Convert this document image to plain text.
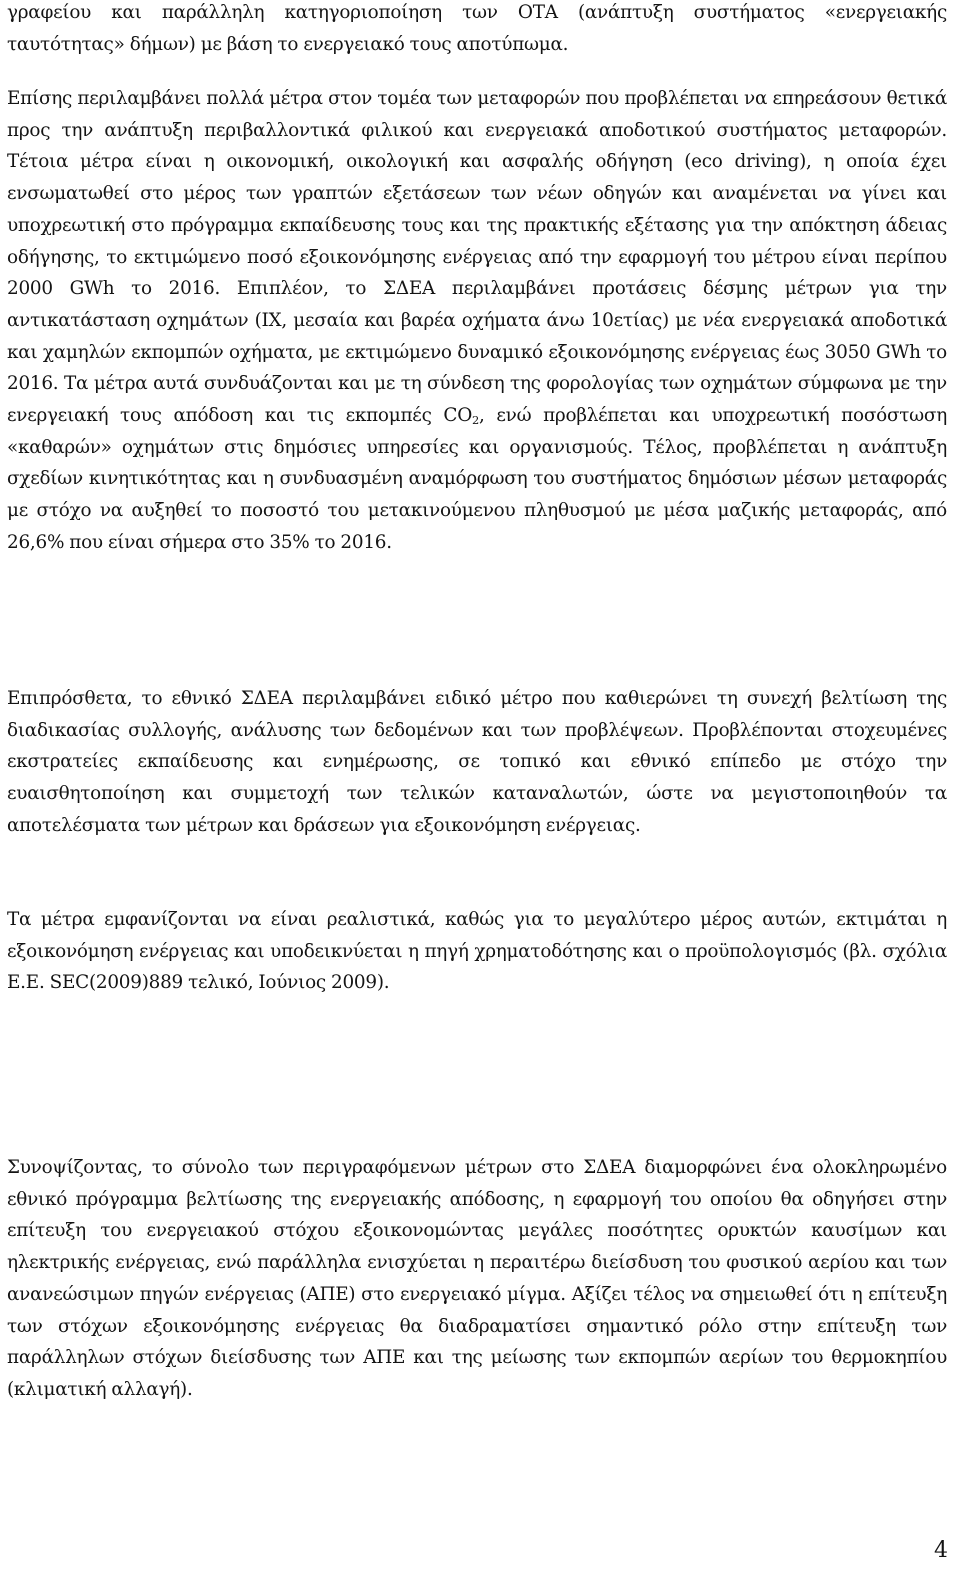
γραφείου και παράλληλη κατηγοριοποίηση των ΟΤΑ (ανάπτυξη συστήματος «ενεργειακής ταυτότητας» δήμων) με βάση το ενεργειακό τους αποτύπωμα.

Επίσης περιλαμβάνει πολλά μέτρα στον τομέα των μεταφορών που προβλέπεται να επηρεάσουν θετικά προς την ανάπτυξη περιβαλλοντικά φιλικού και ενεργειακά αποδοτικού συστήματος μεταφορών. Τέτοια μέτρα είναι η οικονομική, οικολογική και ασφαλής οδήγηση (eco driving), η οποία έχει ενσωματωθεί στο μέρος των γραπτών εξετάσεων των νέων οδηγών και αναμένεται να γίνει και υποχρεωτική στο πρόγραμμα εκπαίδευσης τους και της πρακτικής εξέτασης για την απόκτηση άδειας οδήγησης, το εκτιμώμενο ποσό εξοικονόμησης ενέργειας από την εφαρμογή του μέτρου είναι περίπου 2000 GWh το 2016. Επιπλέον, το ΣΔΕΑ περιλαμβάνει προτάσεις δέσμης μέτρων για την αντικατάσταση οχημάτων (ΙΧ, μεσαία και βαρέα οχήματα άνω 10ετίας) με νέα ενεργειακά αποδοτικά και χαμηλών εκπομπών οχήματα, με εκτιμώμενο δυναμικό εξοικονόμησης ενέργειας έως 3050 GWh το 2016. Τα μέτρα αυτά συνδυάζονται και με τη σύνδεση της φορολογίας των οχημάτων σύμφωνα με την ενεργειακή τους απόδοση και τις εκπομπές $CO_2$, ενώ προβλέπεται και υποχρεωτική ποσόστωση «καθαρών» οχημάτων στις δημόσιες υπηρεσίες και οργανισμούς. Τέλος, προβλέπεται η ανάπτυξη σχεδίων κινητικότητας και η συνδυασμένη αναμόρφωση του συστήματος δημόσιων μέσων μεταφοράς με στόχο να αυξηθεί το ποσοστό του μετακινούμενου πληθυσμού με μέσα μαζικής μεταφοράς, από 26,6% που είναι σήμερα στο 35% το 2016.

Επιπρόσθετα, το εθνικό ΣΔΕΑ περιλαμβάνει ειδικό μέτρο που καθιερώνει τη συνεχή βελτίωση της διαδικασίας συλλογής, ανάλυσης των δεδομένων και των προβλέψεων. Προβλέπονται στοχευμένες εκστρατείες εκπαίδευσης και ενημέρωσης, σε τοπικό και εθνικό επίπεδο με στόχο την ευαισθητοποίηση και συμμετοχή των τελικών καταναλωτών, ώστε να μεγιστοποιηθούν τα αποτελέσματα των μέτρων και δράσεων για εξοικονόμηση ενέργειας.

Τα μέτρα εμφανίζονται να είναι ρεαλιστικά, καθώς για το μεγαλύτερο μέρος αυτών, εκτιμάται η εξοικονόμηση ενέργειας και υποδεικνύεται η πηγή χρηματοδότησης και ο προϋπολογισμός (βλ. σχόλια Ε.Ε. SEC(2009)889 τελικό, Ιούνιος 2009).

Συνοψίζοντας, το σύνολο των περιγραφόμενων μέτρων στο ΣΔΕΑ διαμορφώνει ένα ολοκληρωμένο εθνικό πρόγραμμα βελτίωσης της ενεργειακής απόδοσης, η εφαρμογή του οποίου θα οδηγήσει στην επίτευξη του ενεργειακού στόχου εξοικονομώντας μεγάλες ποσότητες ορυκτών καυσίμων και ηλεκτρικής ενέργειας, ενώ παράλληλα ενισχύεται η περαιτέρω διείσδυση του φυσικού αερίου και των ανανεώσιμων πηγών ενέργειας (ΑΠΕ) στο ενεργειακό μίγμα. Αξίζει τέλος να σημειωθεί ότι η επίτευξη των στόχων εξοικονόμησης ενέργειας θα διαδραματίσει σημαντικό ρόλο στην επίτευξη των παράλληλων στόχων διείσδυσης των ΑΠΕ και της μείωσης των εκπομπών αερίων του θερμοκηπίου (κλιματική αλλαγή).

4
